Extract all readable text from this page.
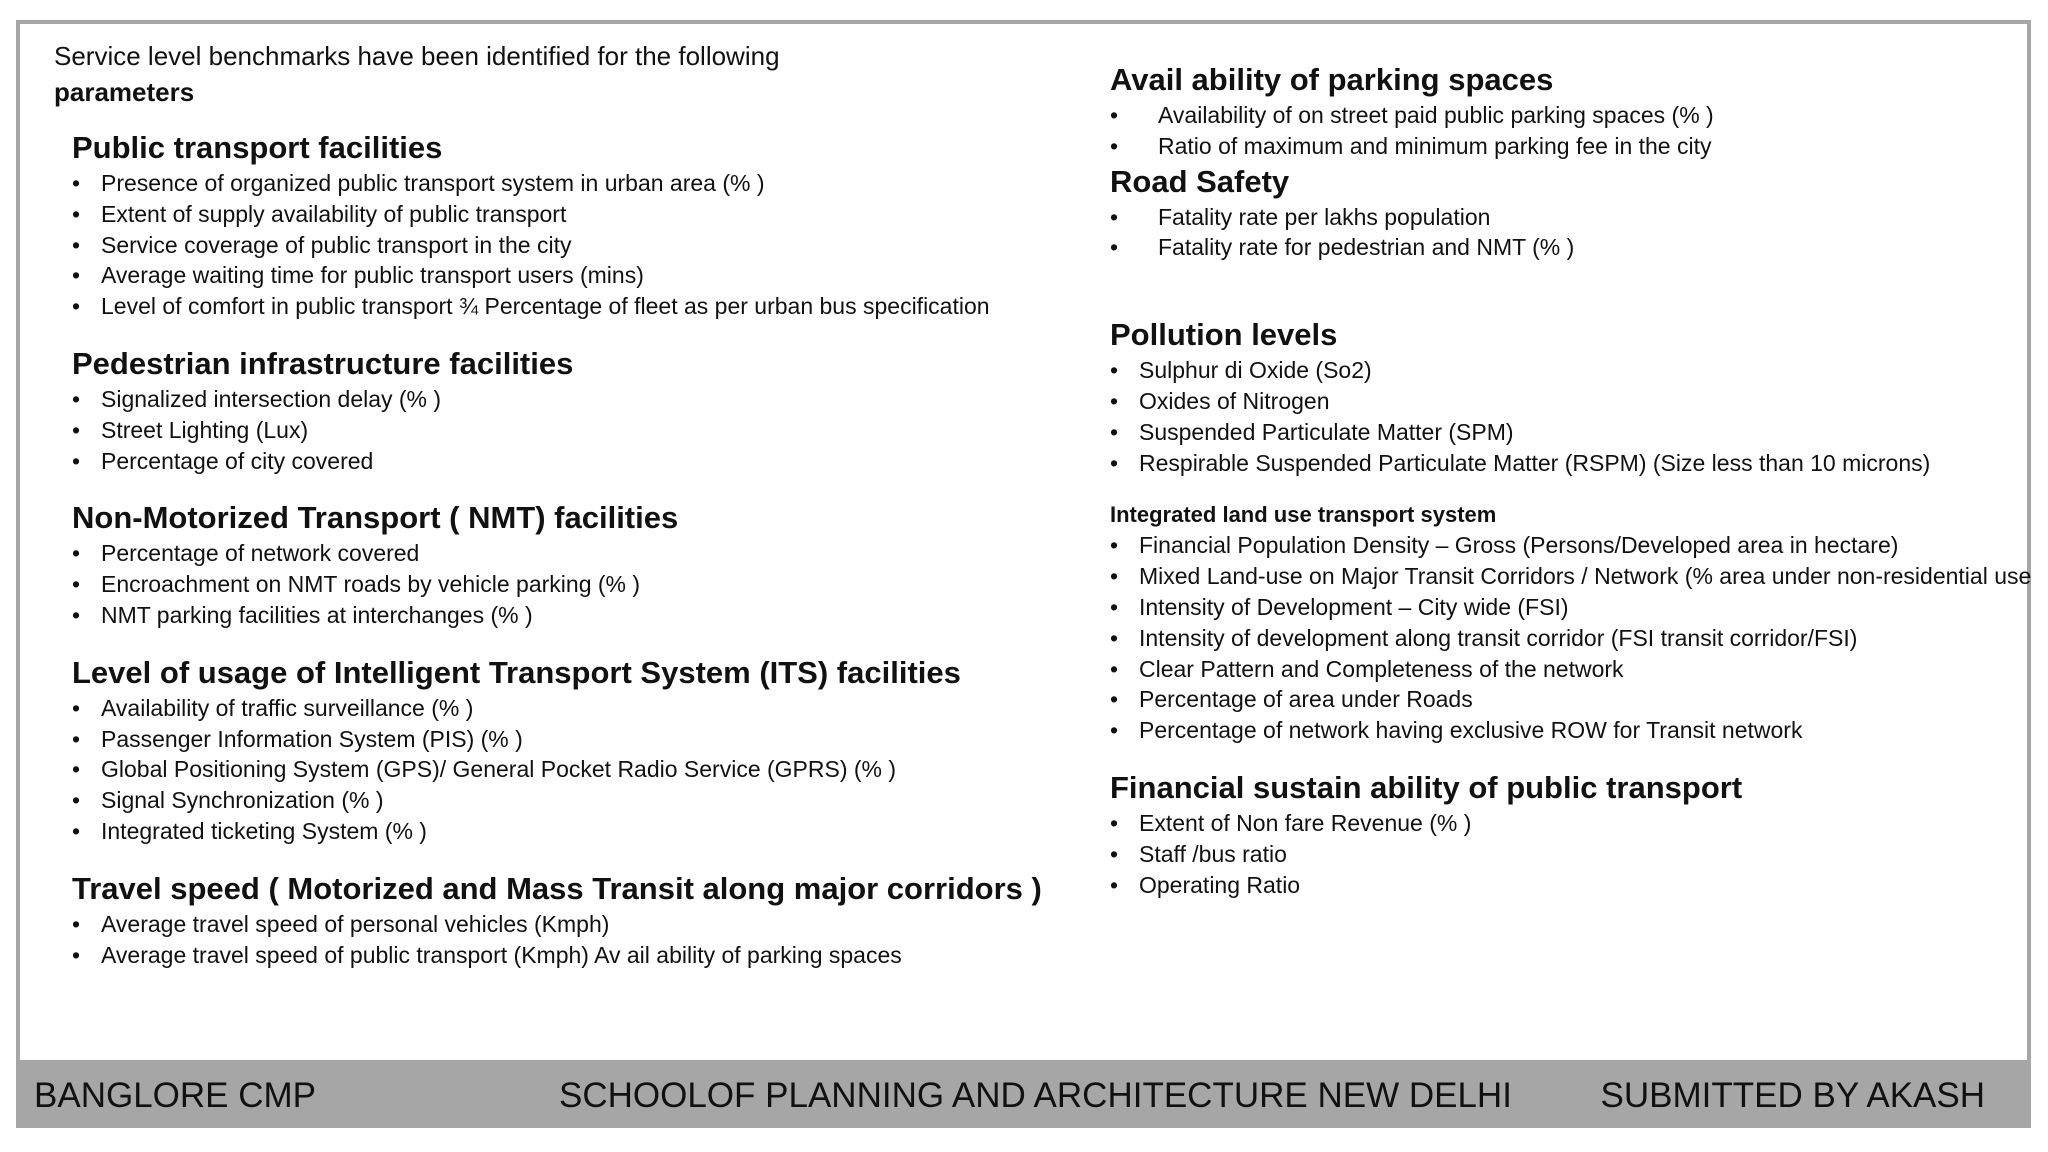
Service level benchmarks have been identified for the following
parameters
Public transport facilities
• Presence of organized public transport system in urban area (% )
• Extent of supply availability of public transport
• Service coverage of public transport in the city
• Average waiting time for public transport users (mins)
• Level of comfort in public transport ¾ Percentage of fleet as per urban bus specification
Pedestrian infrastructure facilities
• Signalized intersection delay (% )
• Street Lighting (Lux)
• Percentage of city covered
Non-Motorized Transport ( NMT) facilities
• Percentage of network covered
• Encroachment on NMT roads by vehicle parking (% )
• NMT parking facilities at interchanges (% )
Level of usage of Intelligent Transport System (ITS) facilities
• Availability of traffic surveillance (% )
• Passenger Information System (PIS) (% )
• Global Positioning System (GPS)/ General Pocket Radio Service (GPRS) (% )
• Signal Synchronization (% )
• Integrated ticketing System (% )
Travel speed ( Motorized and Mass Transit along major corridors )
• Average travel speed of personal vehicles (Kmph)
• Average travel speed of public transport (Kmph) Av ail ability of parking spaces
Avail ability of parking spaces
• Availability of on street paid public parking spaces (% )
• Ratio of maximum and minimum parking fee in the city
Road Safety
• Fatality rate per lakhs population
• Fatality rate for pedestrian and NMT (% )
Pollution levels
• Sulphur di Oxide (So2)
• Oxides of Nitrogen
• Suspended Particulate Matter (SPM)
• Respirable Suspended Particulate Matter (RSPM) (Size less than 10 microns)
Integrated land use transport system
• Financial Population Density – Gross (Persons/Developed area in hectare)
• Mixed Land-use on Major Transit Corridors / Network (% area under non-residential use
• Intensity of Development – City wide (FSI)
• Intensity of development along transit corridor (FSI transit corridor/FSI)
• Clear Pattern and Completeness of the network
• Percentage of area under Roads
• Percentage of network having exclusive ROW for Transit network
Financial sustain ability of public transport
• Extent of Non fare Revenue (% )
• Staff /bus ratio
• Operating Ratio
BANGLORE CMP	SCHOOLOF PLANNING AND ARCHITECTURE NEW DELHI	SUBMITTED BY AKASH
